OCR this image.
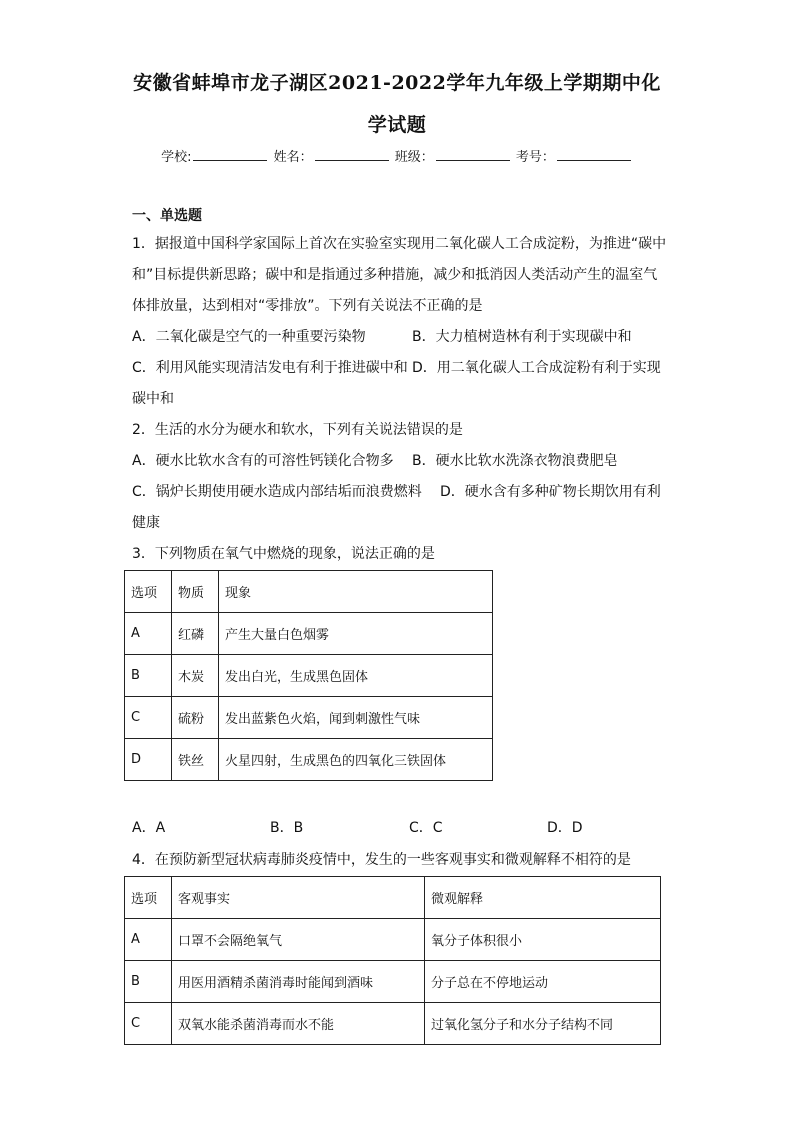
安徽省蚌埠市龙子湖区2021-2022学年九年级上学期期中化
学试题
学校:	姓名：	班级：	考号：
一、单选题
1．据报道中国科学家国际上首次在实验室实现用二氧化碳人工合成淀粉，为推进“碳中
和”目标提供新思路；碳中和是指通过多种措施，减少和抵消因人类活动产生的温室气
体排放量，达到相对“零排放”。下列有关说法不正确的是
A．二氧化碳是空气的一种重要污染物	B．大力植树造林有利于实现碳中和
C．利用风能实现清洁发电有利于推进碳中和 D．用二氧化碳人工合成淀粉有利于实现
碳中和
2．生活的水分为硬水和软水，下列有关说法错误的是
A．硬水比软水含有的可溶性钙镁化合物多 B．硬水比软水洗涤衣物浪费肥皂
C．锅炉长期使用硬水造成内部结垢而浪费燃料 D．硬水含有多种矿物长期饮用有利
健康
3．下列物质在氧气中燃烧的现象，说法正确的是
选项	物质	现象
A	红磷	产生大量白色烟雾
B	木炭	发出白光，生成黑色固体
C	硫粉	发出蓝紫色火焰，闻到刺激性气味
D	铁丝	火星四射，生成黑色的四氧化三铁固体
A．A	B．B	C．C	D．D
4．在预防新型冠状病毒肺炎疫情中，发生的一些客观事实和微观解释不相符的是
选项	客观事实	微观解释
A	口罩不会隔绝氧气	氧分子体积很小
B	用医用酒精杀菌消毒时能闻到酒味	分子总在不停地运动
C	双氧水能杀菌消毒而水不能	过氧化氢分子和水分子结构不同
